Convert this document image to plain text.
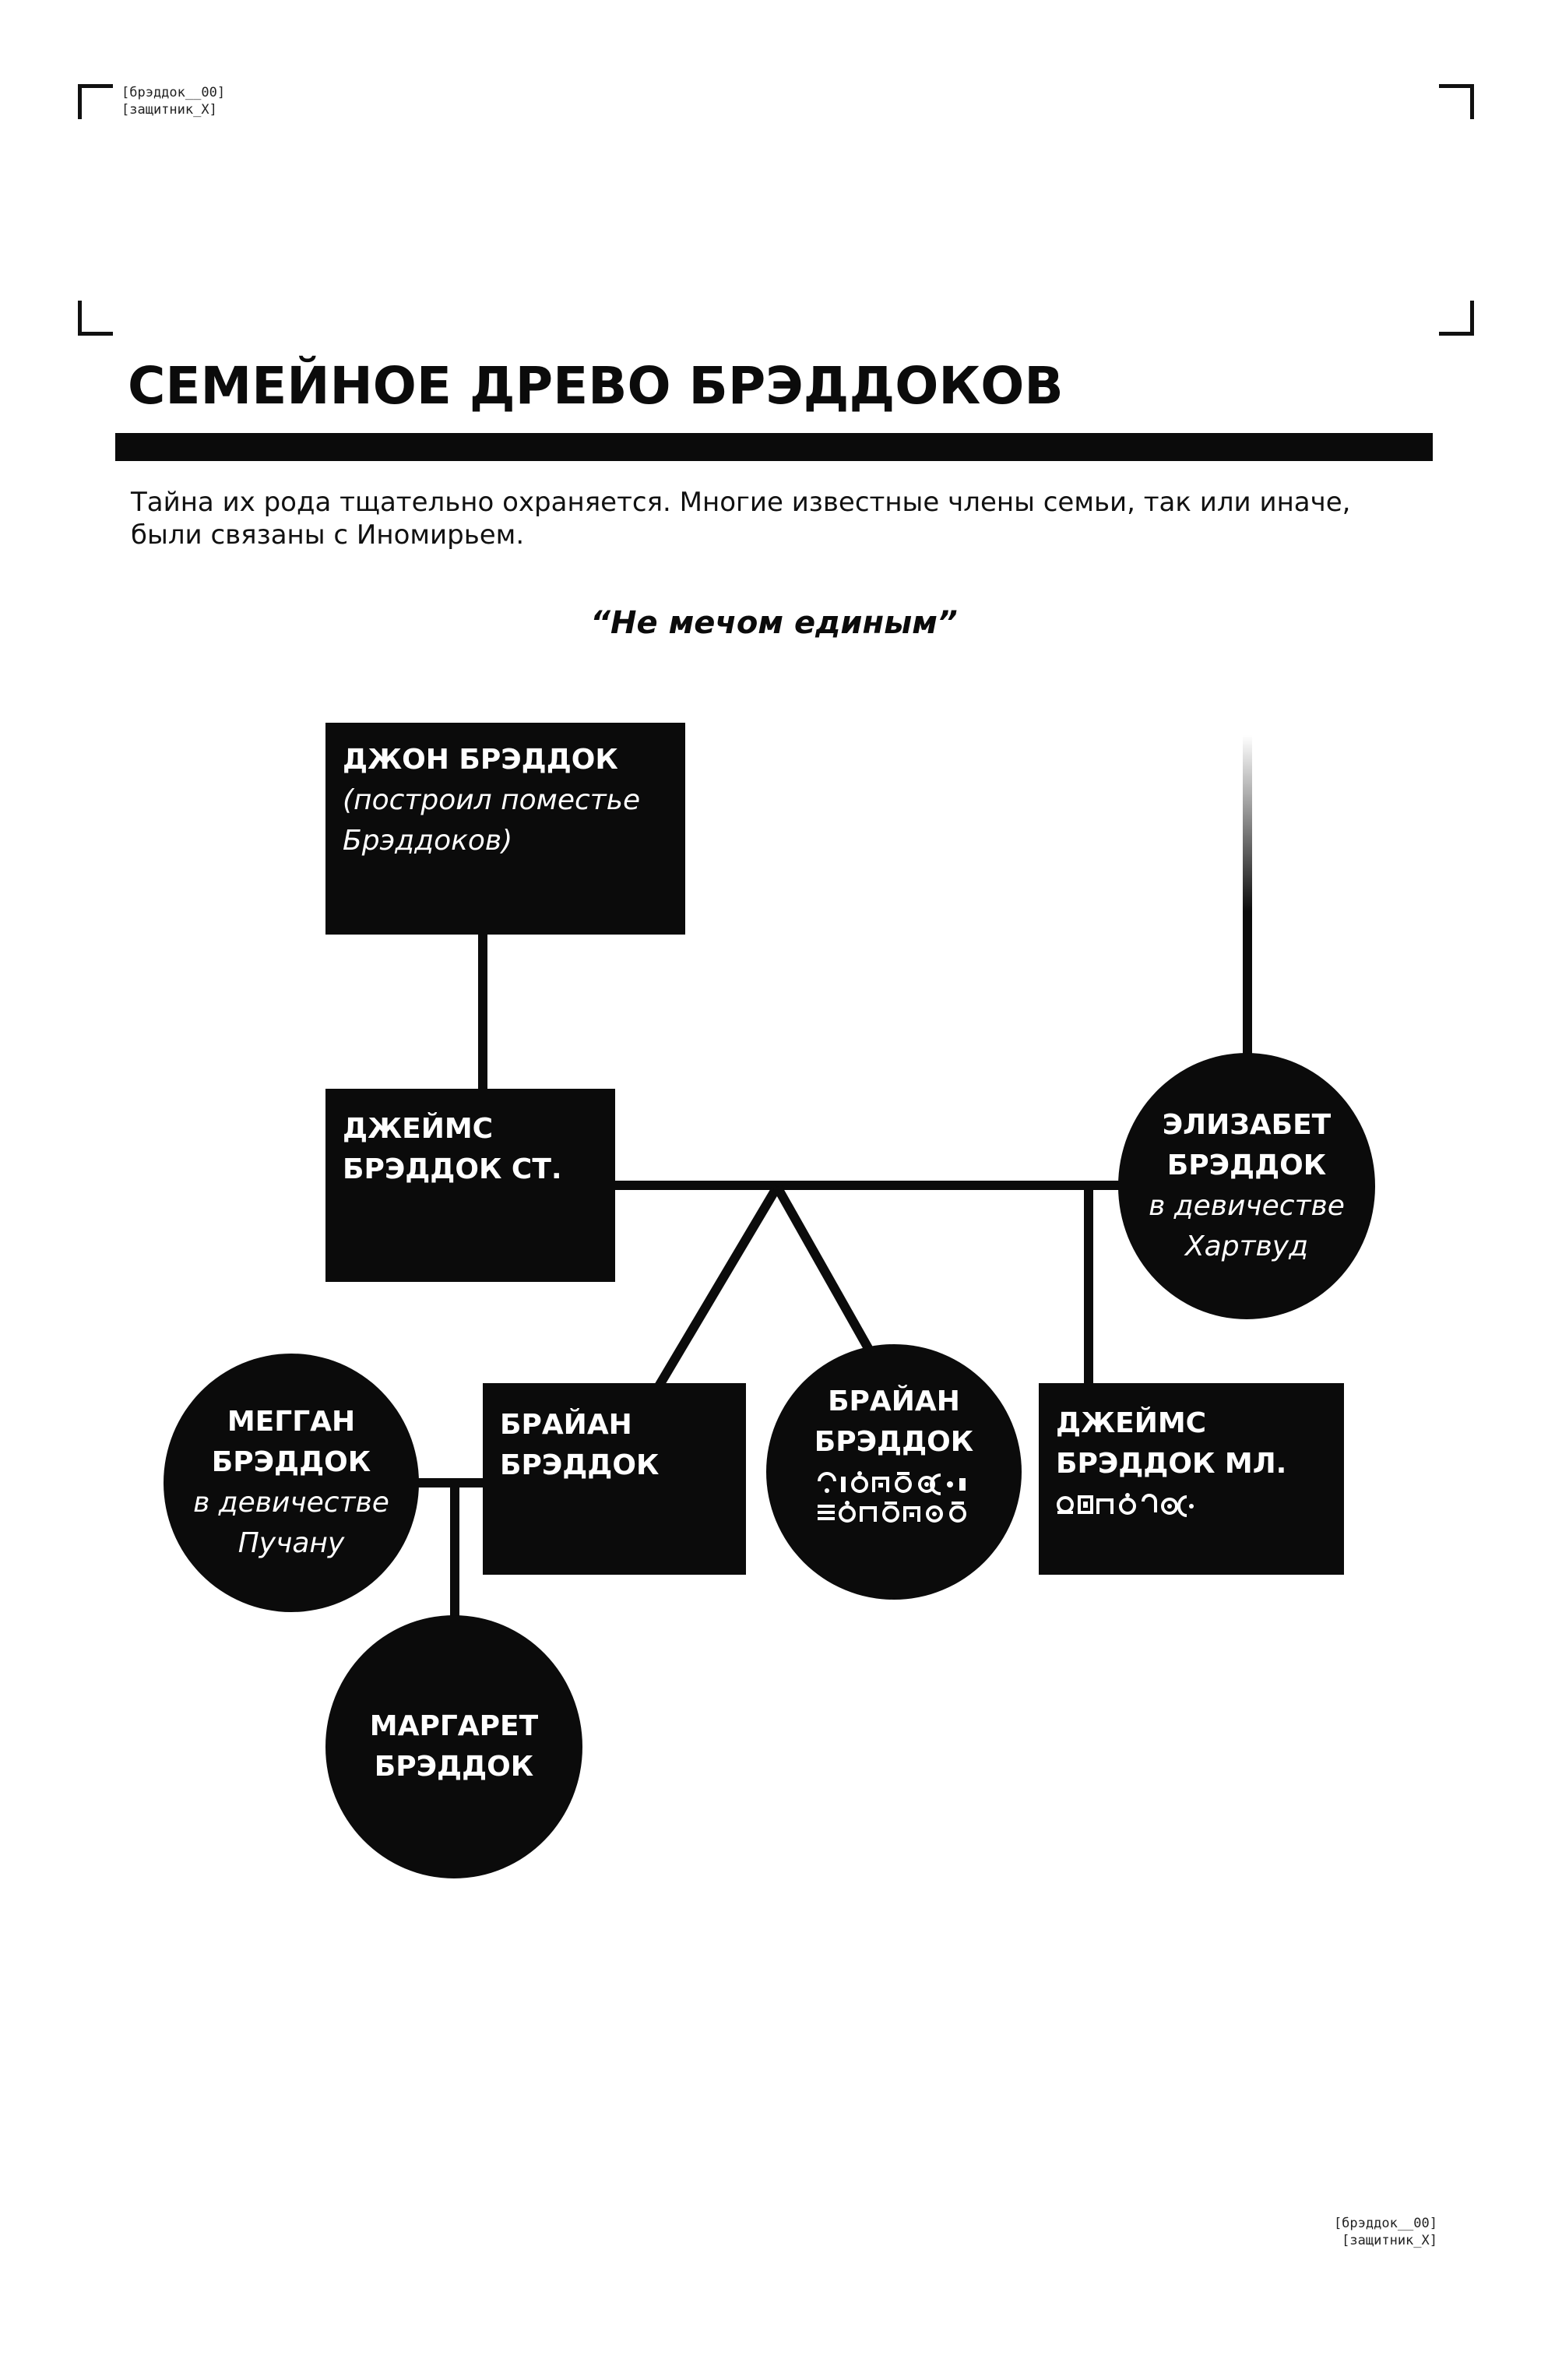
[брэддок__00]
[защитник_X]
СЕМЕЙНОЕ ДРЕВО БРЭДДОКОВ

Тайна их рода тщательно охраняется. Многие известные члены семьи, так или иначе, были связаны с Иномирьем.

“Не мечом единым”

ДЖОН БРЭДДОК
(построил поместье
Брэддоков)
ДЖЕЙМС
БРЭДДОК СТ.
ЭЛИЗАБЕТ
БРЭДДОК
в девичестве
Хартвуд
МЕГГАН
БРЭДДОК
в девичестве
Пучану
БРАЙАН
БРЭДДОК
БРАЙАН
БРЭДДОК
ДЖЕЙМС
БРЭДДОК МЛ.
МАРГАРЕТ
БРЭДДОК
[брэддок__00]
[защитник_X]
